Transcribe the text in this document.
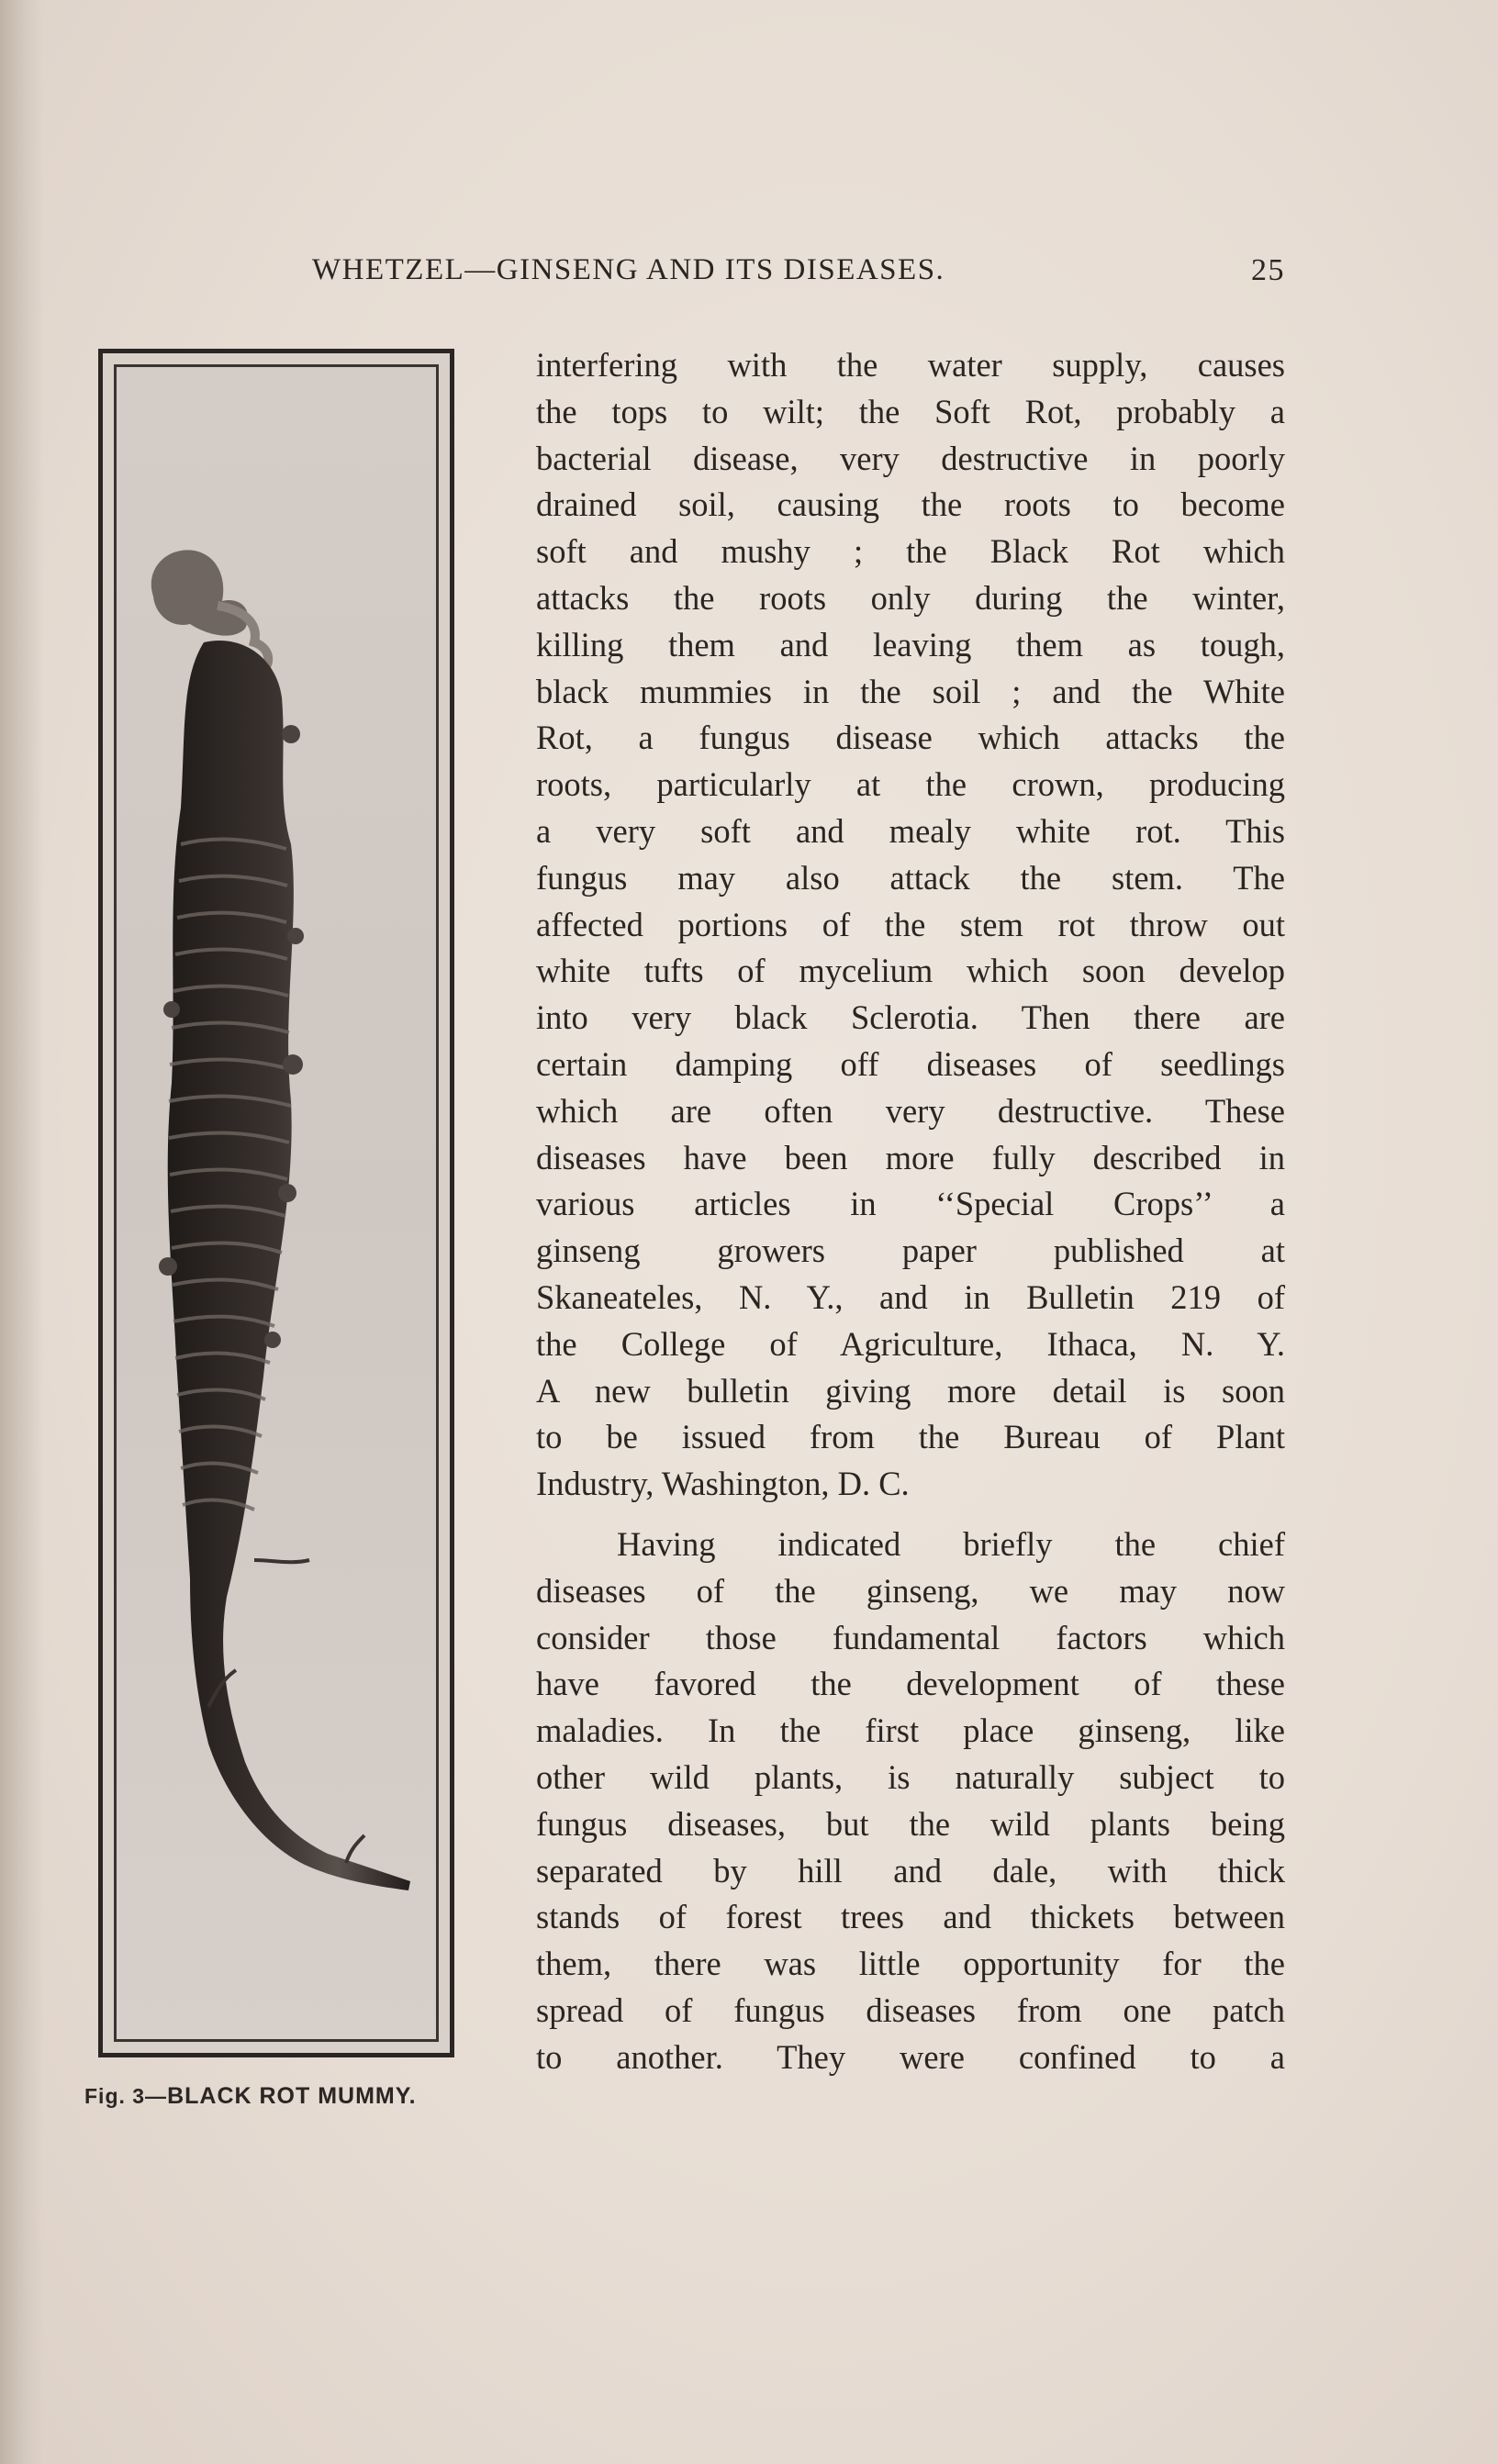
WHETZEL—GINSENG AND ITS DISEASES.	25
Fig. 3—BLACK ROT MUMMY.
interfering with the water supply, causes
the tops to wilt; the Soft Rot, probably a
bacterial disease, very destructive in poorly
drained soil, causing the roots to become
soft and mushy ; the Black Rot which
attacks the roots only during the winter,
killing them and leaving them as tough,
black mummies in the soil ; and the White
Rot, a fungus disease which attacks the
roots, particularly at the crown, producing
a very soft and mealy white rot. This
fungus may also attack the stem. The
affected portions of the stem rot throw out
white tufts of mycelium which soon develop
into very black Sclerotia. Then there are
certain damping off diseases of seedlings
which are often very destructive. These
diseases have been more fully described in
various articles in ‘‘Special Crops’’ a
ginseng growers paper published at
Skaneateles, N. Y., and in Bulletin 219 of
the College of Agriculture, Ithaca, N. Y.
A new bulletin giving more detail is soon
to be issued from the Bureau of Plant
Industry, Washington, D. C.
Having indicated briefly the chief
diseases of the ginseng, we may now
consider those fundamental factors which
have favored the development of these
maladies. In the first place ginseng, like
other wild plants, is naturally subject to
fungus diseases, but the wild plants being
separated by hill and dale, with thick
stands of forest trees and thickets between
them, there was little opportunity for the
spread of fungus diseases from one patch
to another. They were confined to a
